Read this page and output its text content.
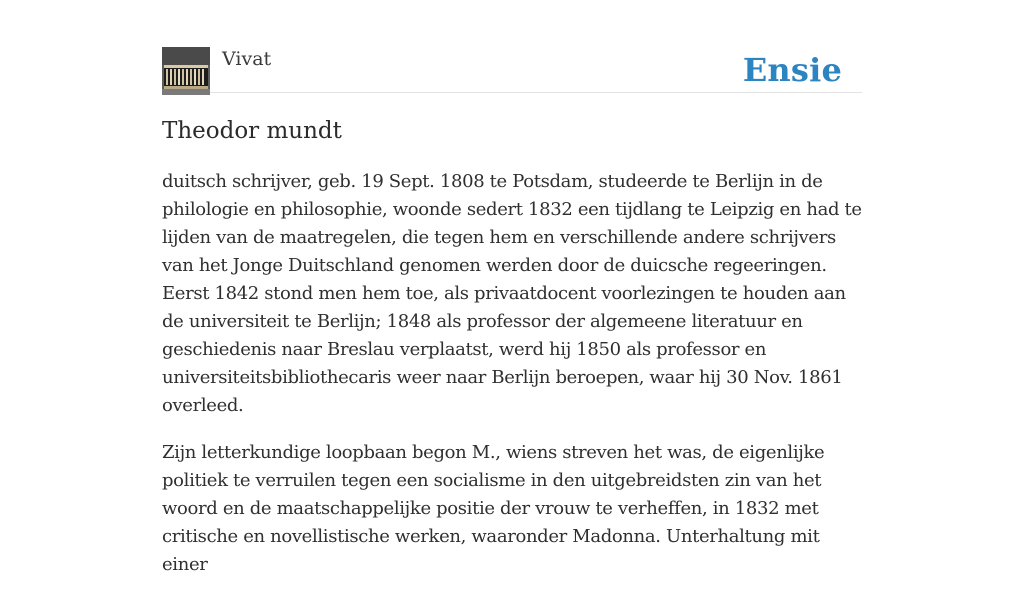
Vivat	Ensie
Theodor mundt

duitsch schrijver, geb. 19 Sept. 1808 te Potsdam, studeerde te Berlijn in de philologie en philosophie, woonde sedert 1832 een tijdlang te Leipzig en had te lijden van de maatregelen, die tegen hem en verschillende andere schrijvers van het Jonge Duitschland genomen werden door de duicsche regeeringen. Eerst 1842 stond men hem toe, als privaatdocent voorlezingen te houden aan de universiteit te Berlijn; 1848 als professor der algemeene literatuur en geschiedenis naar Breslau verplaatst, werd hij 1850 als professor en universiteitsbibliothecaris weer naar Berlijn beroepen, waar hij 30 Nov. 1861 overleed.

Zijn letterkundige loopbaan begon M., wiens streven het was, de eigenlijke politiek te verruilen tegen een socialisme in den uitgebreidsten zin van het woord en de maatschappelijke positie der vrouw te verheffen, in 1832 met critische en novellistische werken, waaronder Madonna. Unterhaltung mit einer
